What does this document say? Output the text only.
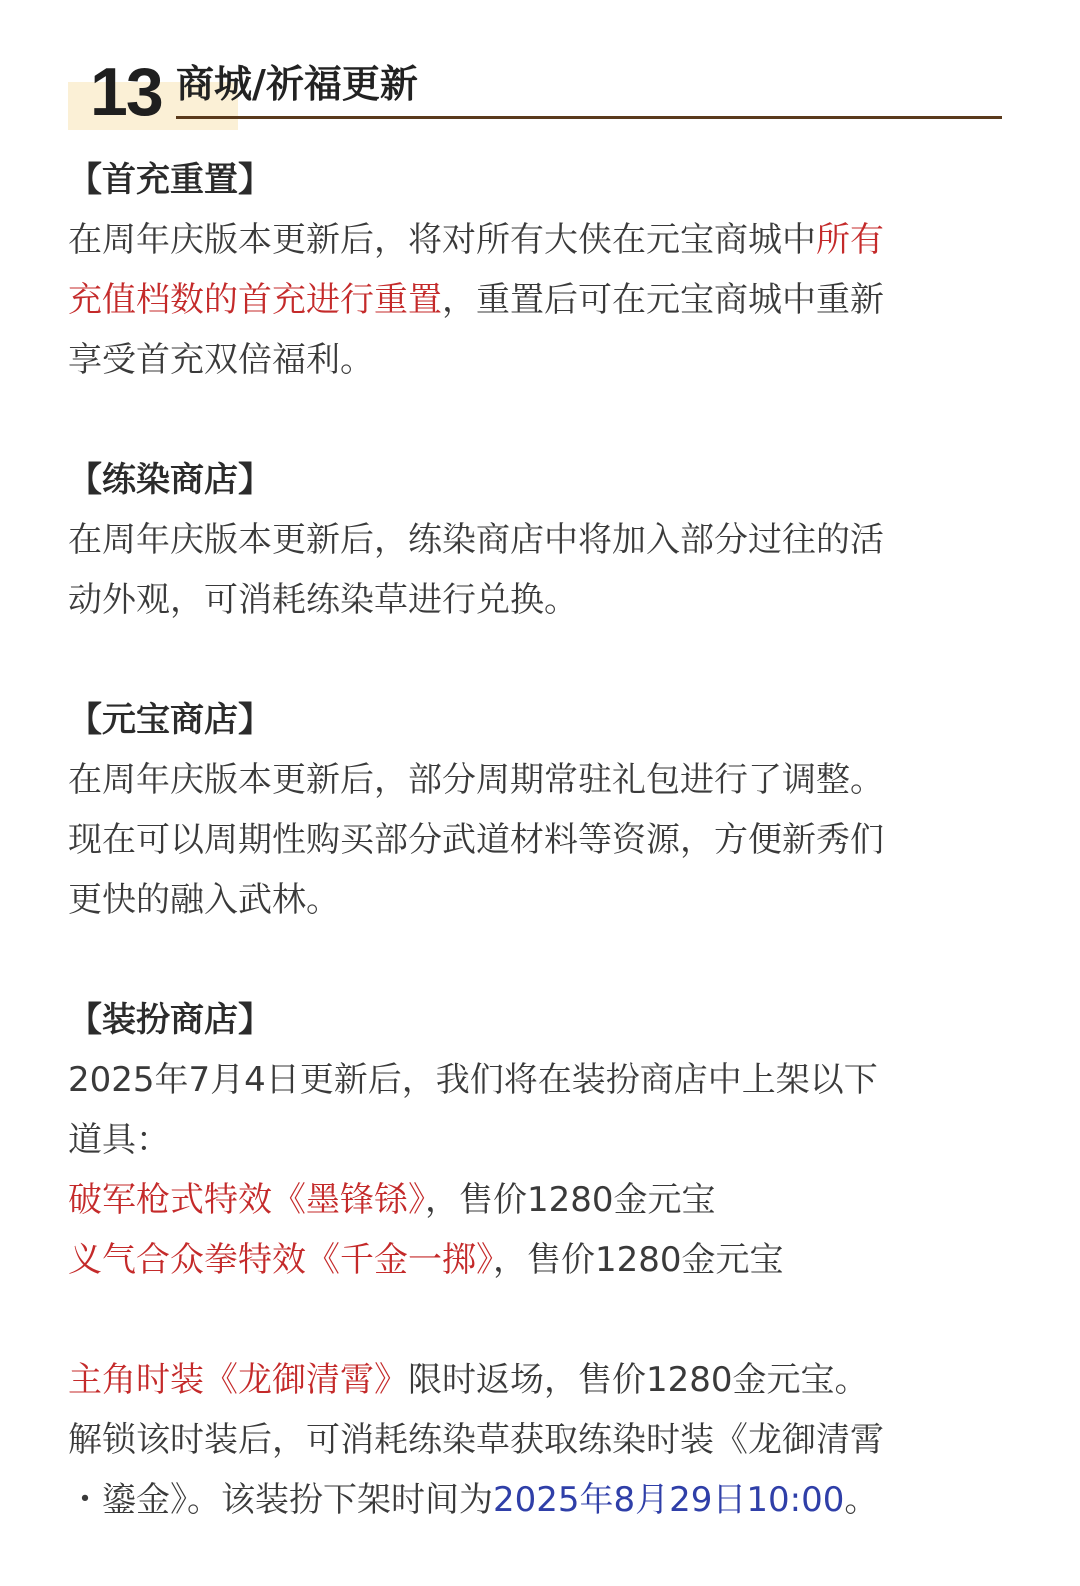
13 商城/祈福更新
【首充重置】

在周年庆版本更新后，将对所有大侠在元宝商城中所有

充值档数的首充进行重置，重置后可在元宝商城中重新

享受首充双倍福利。

【练染商店】

在周年庆版本更新后，练染商店中将加入部分过往的活

动外观，可消耗练染草进行兑换。

【元宝商店】

在周年庆版本更新后，部分周期常驻礼包进行了调整。

现在可以周期性购买部分武道材料等资源，方便新秀们

更快的融入武林。

【装扮商店】

2025年7月4日更新后，我们将在装扮商店中上架以下

道具：

破军枪式特效《墨锋铩》，售价1280金元宝

义气合众拳特效《千金一掷》，售价1280金元宝

主角时装《龙御清霄》限时返场，售价1280金元宝。

解锁该时装后，可消耗练染草获取练染时装《龙御清霄

・鎏金》。该装扮下架时间为2025年8月29日10:00。
